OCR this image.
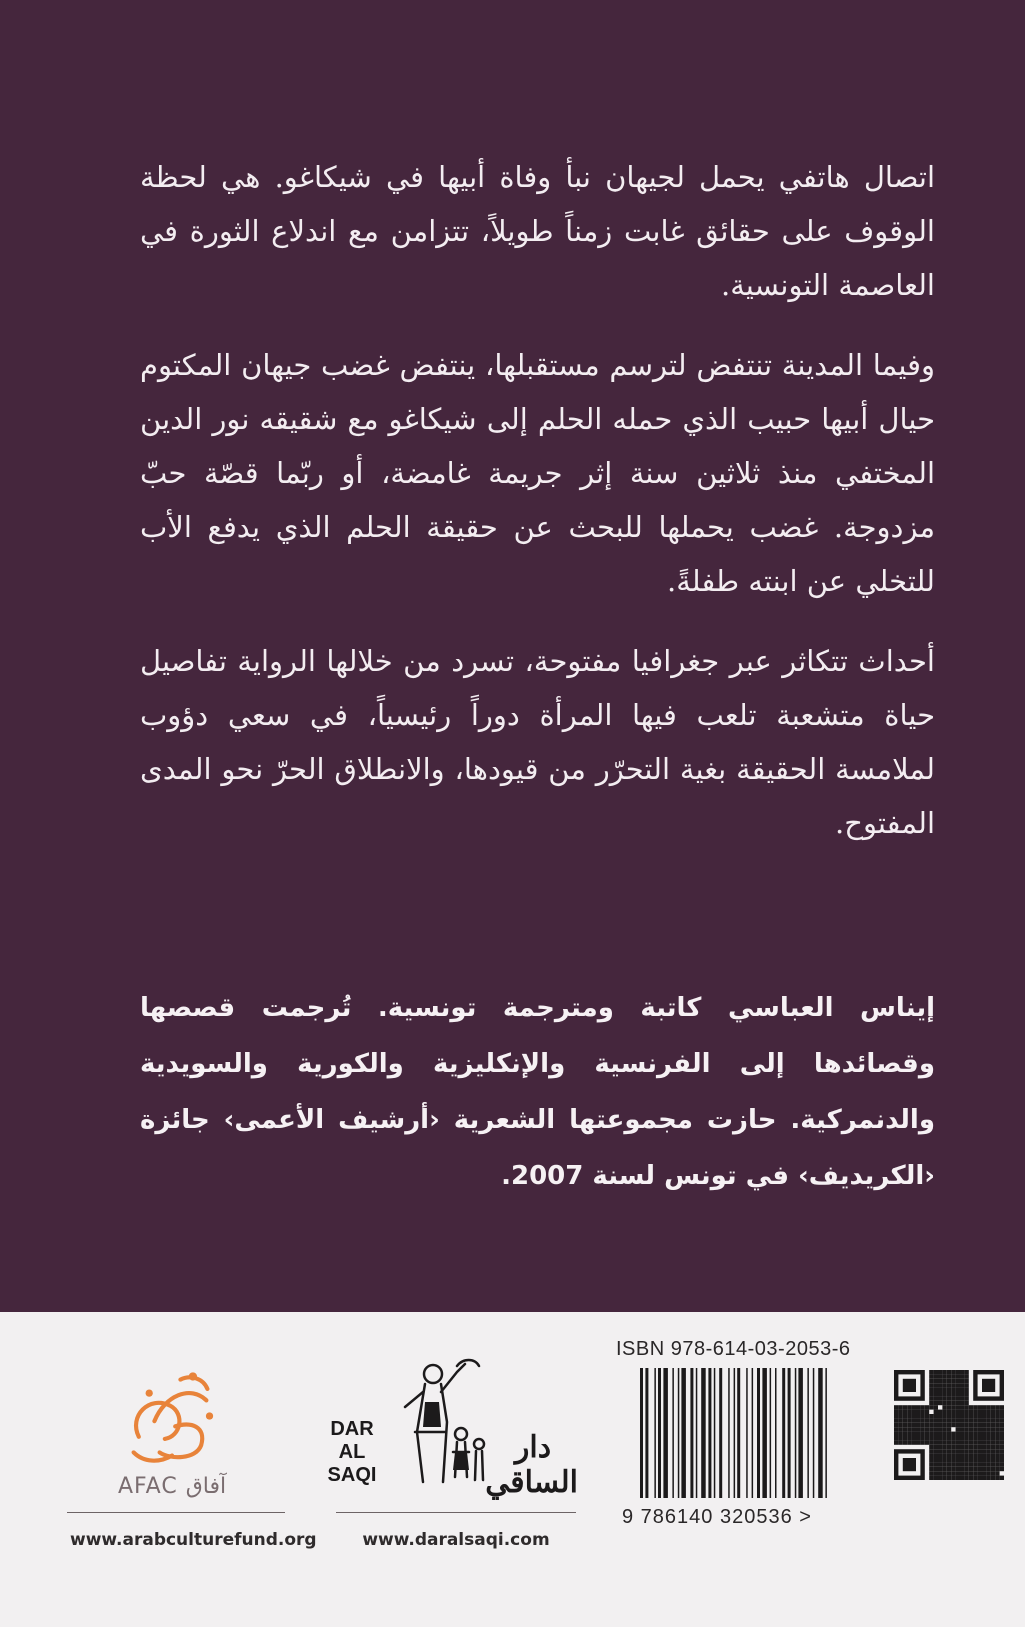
اتصال هاتفي يحمل لجيهان نبأ وفاة أبيها في شيكاغو. هي لحظة الوقوف على حقائق غابت زمناً طويلاً، تتزامن مع اندلاع الثورة في العاصمة التونسية.

وفيما المدينة تنتفض لترسم مستقبلها، ينتفض غضب جيهان المكتوم حيال أبيها حبيب الذي حمله الحلم إلى شيكاغو مع شقيقه نور الدين المختفي منذ ثلاثين سنة إثر جريمة غامضة، أو ربّما قصّة حبّ مزدوجة. غضب يحملها للبحث عن حقيقة الحلم الذي يدفع الأب للتخلي عن ابنته طفلةً.

أحداث تتكاثر عبر جغرافيا مفتوحة، تسرد من خلالها الرواية تفاصيل حياة متشعبة تلعب فيها المرأة دوراً رئيسياً، في سعي دؤوب لملامسة الحقيقة بغية التحرّر من قيودها، والانطلاق الحرّ نحو المدى المفتوح.

إيناس العباسي كاتبة ومترجمة تونسية. تُرجمت قصصها وقصائدها إلى الفرنسية والإنكليزية والكورية والسويدية والدنمركية. حازت مجموعتها الشعرية ‹أرشيف الأعمى› جائزة ‹الكريديف› في تونس لسنة 2007.

AFAC آفاق
www.arabculturefund.org
DAR
AL SAQI
دار الساقي
www.daralsaqi.com
ISBN 978-614-03-2053-6
9 786140 320536 >
